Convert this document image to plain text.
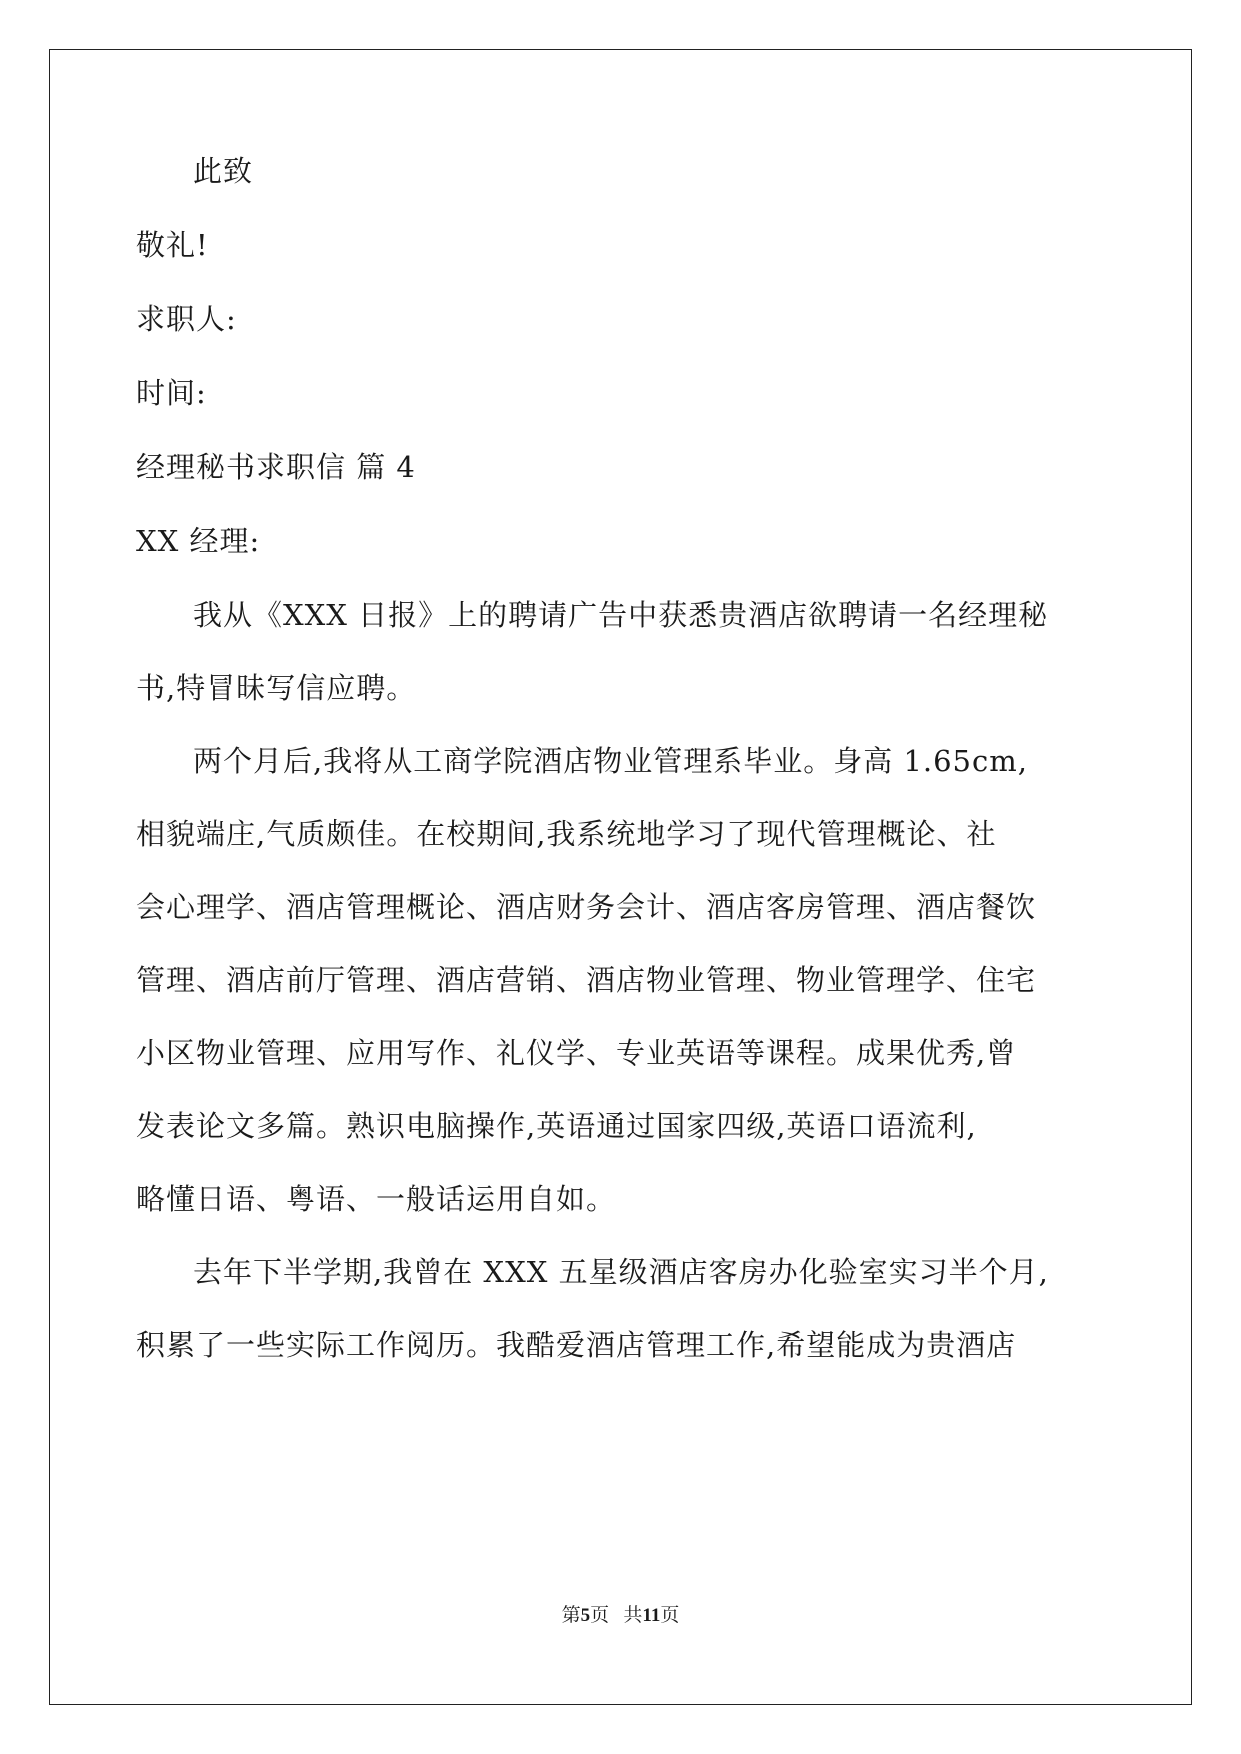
此致
敬礼!
求职人:
时间:
经理秘书求职信 篇 4
XX 经理:
我从《XXX 日报》上的聘请广告中获悉贵酒店欲聘请一名经理秘
书,特冒昧写信应聘。
两个月后,我将从工商学院酒店物业管理系毕业。身高 1.65cm,
相貌端庄,气质颇佳。在校期间,我系统地学习了现代管理概论、社
会心理学、酒店管理概论、酒店财务会计、酒店客房管理、酒店餐饮
管理、酒店前厅管理、酒店营销、酒店物业管理、物业管理学、住宅
小区物业管理、应用写作、礼仪学、专业英语等课程。成果优秀,曾
发表论文多篇。熟识电脑操作,英语通过国家四级,英语口语流利,
略懂日语、粤语、一般话运用自如。
去年下半学期,我曾在 XXX 五星级酒店客房办化验室实习半个月,
积累了一些实际工作阅历。我酷爱酒店管理工作,希望能成为贵酒店
第5页 共11页
